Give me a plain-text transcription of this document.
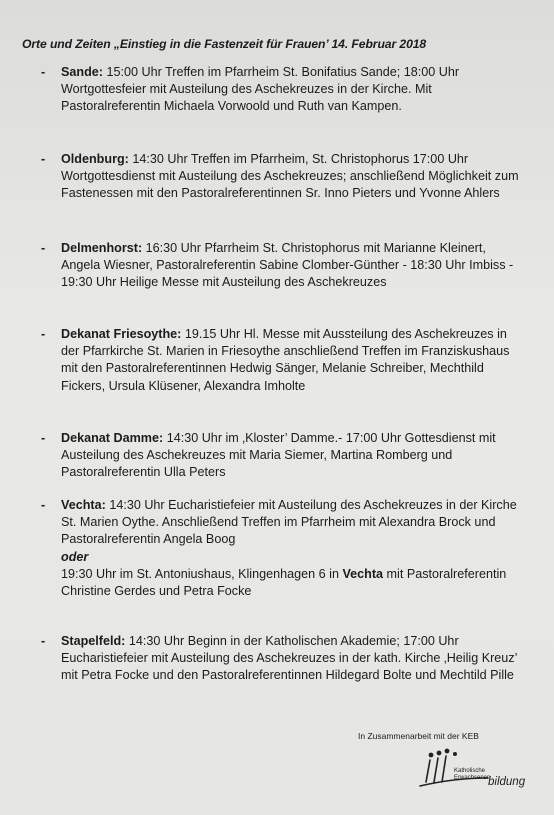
Orte und Zeiten „Einstieg in die Fastenzeit für Frauen’ 14. Februar 2018
- Sande: 15:00 Uhr Treffen im Pfarrheim St. Bonifatius Sande; 18:00 Uhr Wortgottesfeier mit Austeilung des Aschekreuzes in der Kirche. Mit Pastoralreferentin Michaela Vorwoold und Ruth van Kampen.
- Oldenburg: 14:30 Uhr Treffen im Pfarrheim, St. Christophorus 17:00 Uhr Wortgottesdienst mit Austeilung des Aschekreuzes; anschließend Möglichkeit zum Fastenessen mit den Pastoralreferentinnen Sr. Inno Pieters und Yvonne Ahlers
- Delmenhorst: 16:30 Uhr Pfarrheim St. Christophorus mit Marianne Kleinert, Angela Wiesner, Pastoralreferentin Sabine Clomber-Günther - 18:30 Uhr Imbiss - 19:30 Uhr Heilige Messe mit Austeilung des Aschekreuzes
- Dekanat Friesoythe: 19.15 Uhr Hl. Messe mit Aussteilung des Aschekreuzes in der Pfarrkirche St. Marien in Friesoythe anschließend Treffen im Franziskushaus mit den Pastoralreferentinnen Hedwig Sänger, Melanie Schreiber, Mechthild Fickers, Ursula Klüsener, Alexandra Imholte
- Dekanat Damme: 14:30 Uhr im ‚Kloster’ Damme.- 17:00 Uhr Gottesdienst mit Austeilung des Aschekreuzes mit Maria Siemer, Martina Romberg und Pastoralreferentin Ulla Peters
- Vechta: 14:30 Uhr Eucharistiefeier mit Austeilung des Aschekreuzes in der Kirche St. Marien Oythe. Anschließend Treffen im Pfarrheim mit Alexandra Brock und Pastoralreferentin Angela Boog
oder
19:30 Uhr im St. Antoniushaus, Klingenhagen 6 in Vechta mit Pastoralreferentin Christine Gerdes und Petra Focke
- Stapelfeld: 14:30 Uhr Beginn in der Katholischen Akademie; 17:00 Uhr Eucharistiefeier mit Austeilung des Aschekreuzes in der kath. Kirche ‚Heilig Kreuz’ mit Petra Focke und den Pastoralreferentinnen Hildegard Bolte und Mechtild Pille
In Zusammenarbeit mit der KEB
Katholische
Erwachsenen
bildung
